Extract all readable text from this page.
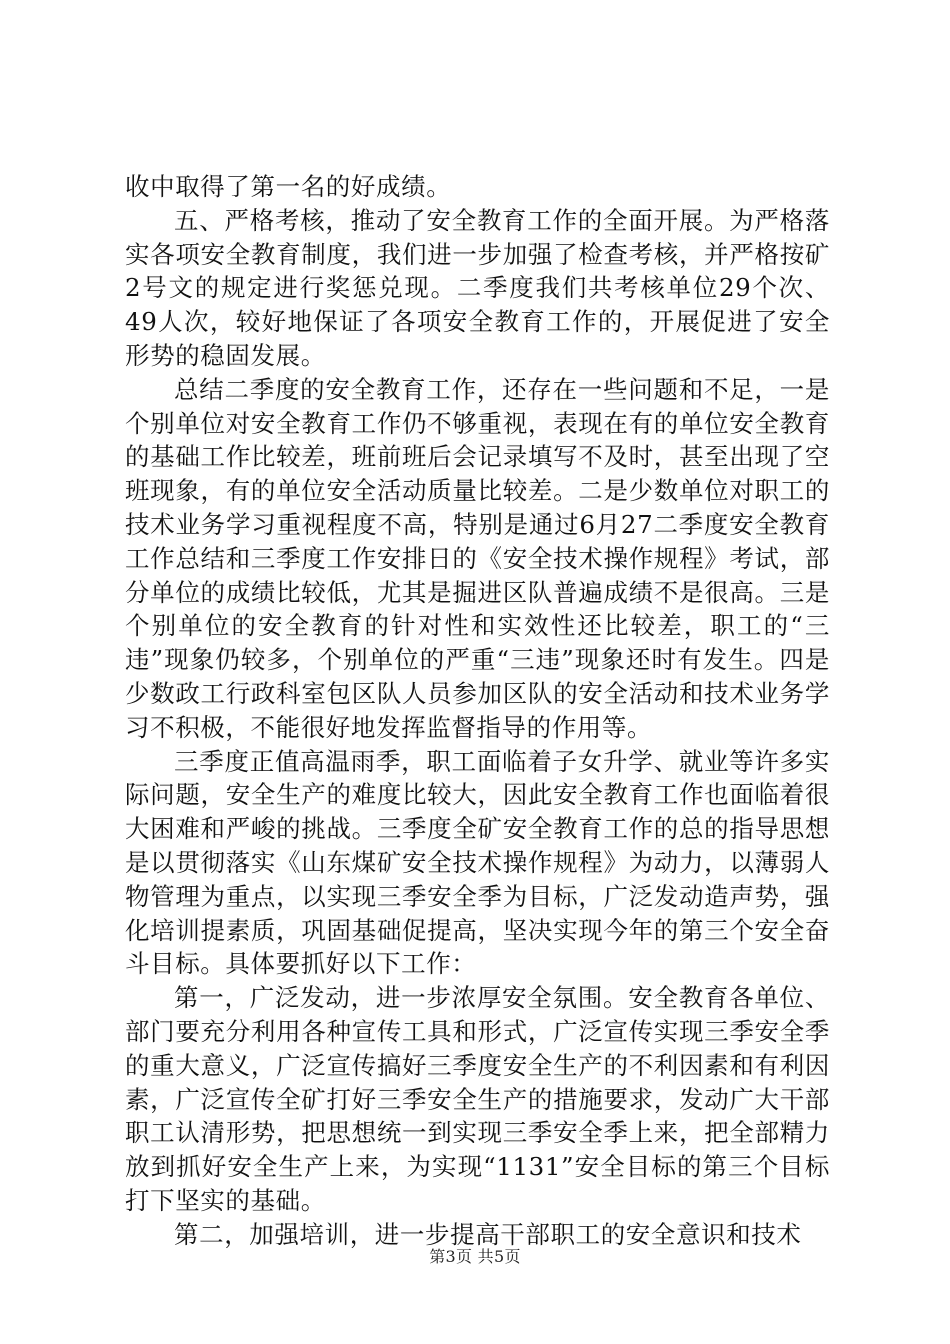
收中取得了第一名的好成绩。

五、严格考核，推动了安全教育工作的全面开展。为严格落实各项安全教育制度，我们进一步加强了检查考核，并严格按矿2号文的规定进行奖惩兑现。二季度我们共考核单位29个次、49人次，较好地保证了各项安全教育工作的，开展促进了安全形势的稳固发展。

总结二季度的安全教育工作，还存在一些问题和不足，一是个别单位对安全教育工作仍不够重视，表现在有的单位安全教育的基础工作比较差，班前班后会记录填写不及时，甚至出现了空班现象，有的单位安全活动质量比较差。二是少数单位对职工的技术业务学习重视程度不高，特别是通过6月27二季度安全教育工作总结和三季度工作安排日的《安全技术操作规程》考试，部分单位的成绩比较低，尤其是掘进区队普遍成绩不是很高。三是个别单位的安全教育的针对性和实效性还比较差，职工的“三违”现象仍较多，个别单位的严重“三违”现象还时有发生。四是少数政工行政科室包区队人员参加区队的安全活动和技术业务学习不积极，不能很好地发挥监督指导的作用等。

三季度正值高温雨季，职工面临着子女升学、就业等许多实际问题，安全生产的难度比较大，因此安全教育工作也面临着很大困难和严峻的挑战。三季度全矿安全教育工作的总的指导思想是以贯彻落实《山东煤矿安全技术操作规程》为动力，以薄弱人物管理为重点，以实现三季安全季为目标，广泛发动造声势，强化培训提素质，巩固基础促提高，坚决实现今年的第三个安全奋斗目标。具体要抓好以下工作：

第一，广泛发动，进一步浓厚安全氛围。安全教育各单位、部门要充分利用各种宣传工具和形式，广泛宣传实现三季安全季的重大意义，广泛宣传搞好三季度安全生产的不利因素和有利因素，广泛宣传全矿打好三季安全生产的措施要求，发动广大干部职工认清形势，把思想统一到实现三季安全季上来，把全部精力放到抓好安全生产上来，为实现“1131”安全目标的第三个目标打下坚实的基础。

第二，加强培训，进一步提高干部职工的安全意识和技术

第3页 共5页
